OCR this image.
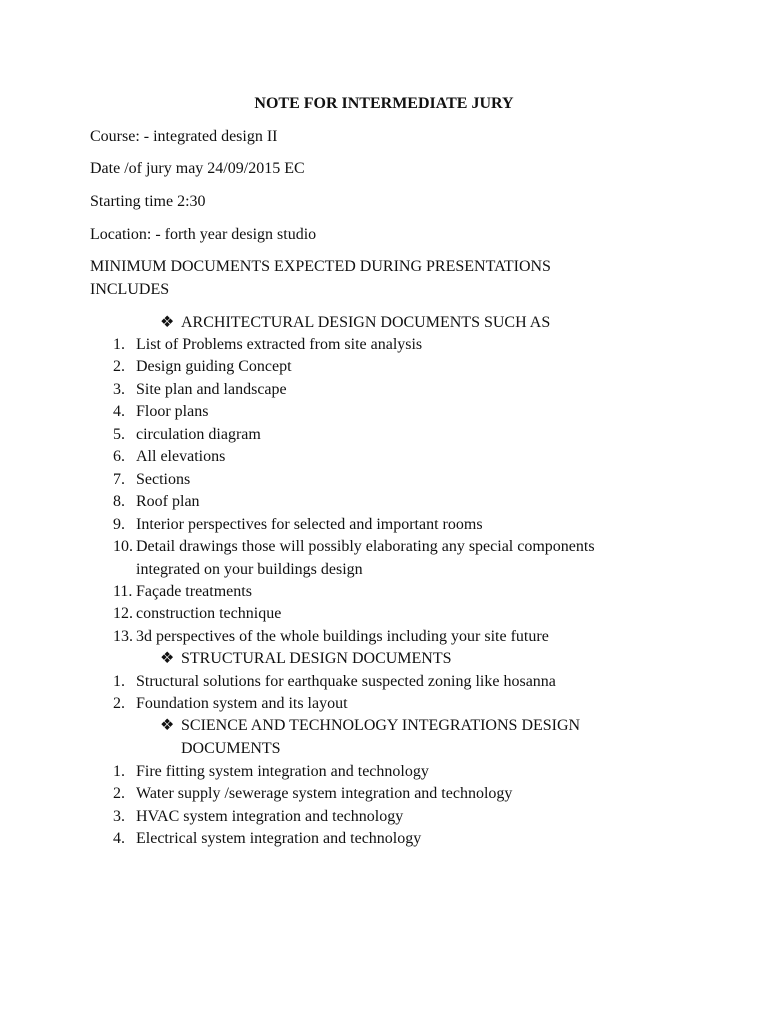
NOTE FOR INTERMEDIATE JURY
Course: - integrated design II
Date /of jury may 24/09/2015 EC
Starting time 2:30
Location: - forth year design studio
MINIMUM DOCUMENTS EXPECTED DURING PRESENTATIONS INCLUDES
❖ ARCHITECTURAL DESIGN DOCUMENTS SUCH AS
1. List of Problems extracted from site analysis
2. Design guiding Concept
3. Site plan and landscape
4. Floor plans
5. circulation diagram
6. All elevations
7. Sections
8. Roof plan
9. Interior perspectives for selected and important rooms
10. Detail drawings those will possibly elaborating any special components integrated on your buildings design
11. Façade treatments
12. construction technique
13. 3d perspectives of the whole buildings including your site future
❖ STRUCTURAL DESIGN DOCUMENTS
1. Structural solutions for earthquake suspected zoning like hosanna
2. Foundation system and its layout
❖ SCIENCE AND TECHNOLOGY INTEGRATIONS DESIGN DOCUMENTS
1. Fire fitting system integration and technology
2. Water supply /sewerage system integration and technology
3. HVAC system integration and technology
4. Electrical system integration and technology
